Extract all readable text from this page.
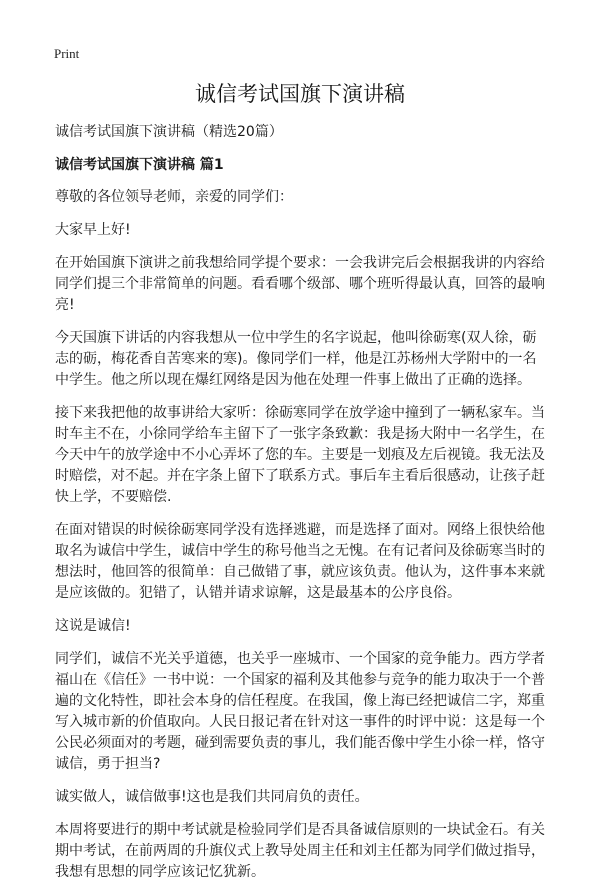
Print
诚信考试国旗下演讲稿

诚信考试国旗下演讲稿（精选20篇）

诚信考试国旗下演讲稿 篇1

尊敬的各位领导老师，亲爱的同学们：

大家早上好!

在开始国旗下演讲之前我想给同学提个要求：一会我讲完后会根据我讲的内容给同学们提三个非常简单的问题。看看哪个级部、哪个班听得最认真，回答的最响亮!

今天国旗下讲话的内容我想从一位中学生的名字说起，他叫徐砺寒(双人徐，砺志的砺，梅花香自苦寒来的寒)。像同学们一样，他是江苏杨州大学附中的一名中学生。他之所以现在爆红网络是因为他在处理一件事上做出了正确的选择。

接下来我把他的故事讲给大家听：徐砺寒同学在放学途中撞到了一辆私家车。当时车主不在，小徐同学给车主留下了一张字条致歉：我是扬大附中一名学生，在今天中午的放学途中不小心弄坏了您的车。主要是一划痕及左后视镜。我无法及时赔偿，对不起。并在字条上留下了联系方式。事后车主看后很感动，让孩子赶快上学，不要赔偿.

在面对错误的时候徐砺寒同学没有选择逃避，而是选择了面对。网络上很快给他取名为诚信中学生，诚信中学生的称号他当之无愧。在有记者问及徐砺寒当时的想法时，他回答的很简单：自己做错了事，就应该负责。他认为，这件事本来就是应该做的。犯错了，认错并请求谅解，这是最基本的公序良俗。

这说是诚信!

同学们，诚信不光关乎道德，也关乎一座城市、一个国家的竞争能力。西方学者福山在《信任》一书中说：一个国家的福利及其他参与竞争的能力取决于一个普遍的文化特性，即社会本身的信任程度。在我国，像上海已经把诚信二字，郑重写入城市新的价值取向。人民日报记者在针对这一事件的时评中说：这是每一个公民必须面对的考题，碰到需要负责的事儿，我们能否像中学生小徐一样，恪守诚信，勇于担当?

诚实做人，诚信做事!这也是我们共同肩负的责任。

本周将要进行的期中考试就是检验同学们是否具备诚信原则的一块试金石。有关期中考试，在前两周的升旗仪式上教导处周主任和刘主任都为同学们做过指导，我想有思想的同学应该记忆犹新。
